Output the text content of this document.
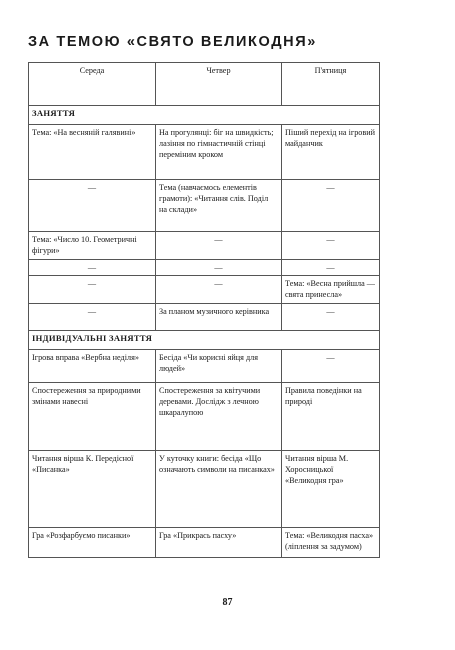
ЗА ТЕМОЮ «СВЯТО ВЕЛИКОДНЯ»
Середа	Четвер	П'ятниця
ЗАНЯТТЯ		
Тема: «На весняній галявині»	На прогулянці: біг на швидкість; лазіння по гімнастичній стінці переміним кроком	Піший перехід на ігровий майданчик
—	Тема (навчаємось елементів грамоти): «Читання слів. Поділ на склади»	—
Тема: «Число 10. Геометричні фігури»	—	—
—	—	—
—	—	Тема: «Весна прийшла — свята принесла»
—	За планом музичного керівника	—
ІНДИВІДУАЛЬНІ ЗАНЯТТЯ		
Ігрова вправа «Вербна неділя»	Бесіда «Чи корисні яйця для людей»	—
Спостереження за природними змінами навесні	Спостереження за квітучими деревами. Дослідж з лечною шкаралупою	Правила поведінки на природі
Читання вірша К. Передісної «Писанка»	У куточку книги: бесіда «Що означають символи на писанках»	Читання вірша М. Хоросницької «Великодня гра»
Гра «Розфарбуємо писанки»	Гра «Прикрась пасху»	Тема: «Великодня пасха» (ліплення за задумом)
87
